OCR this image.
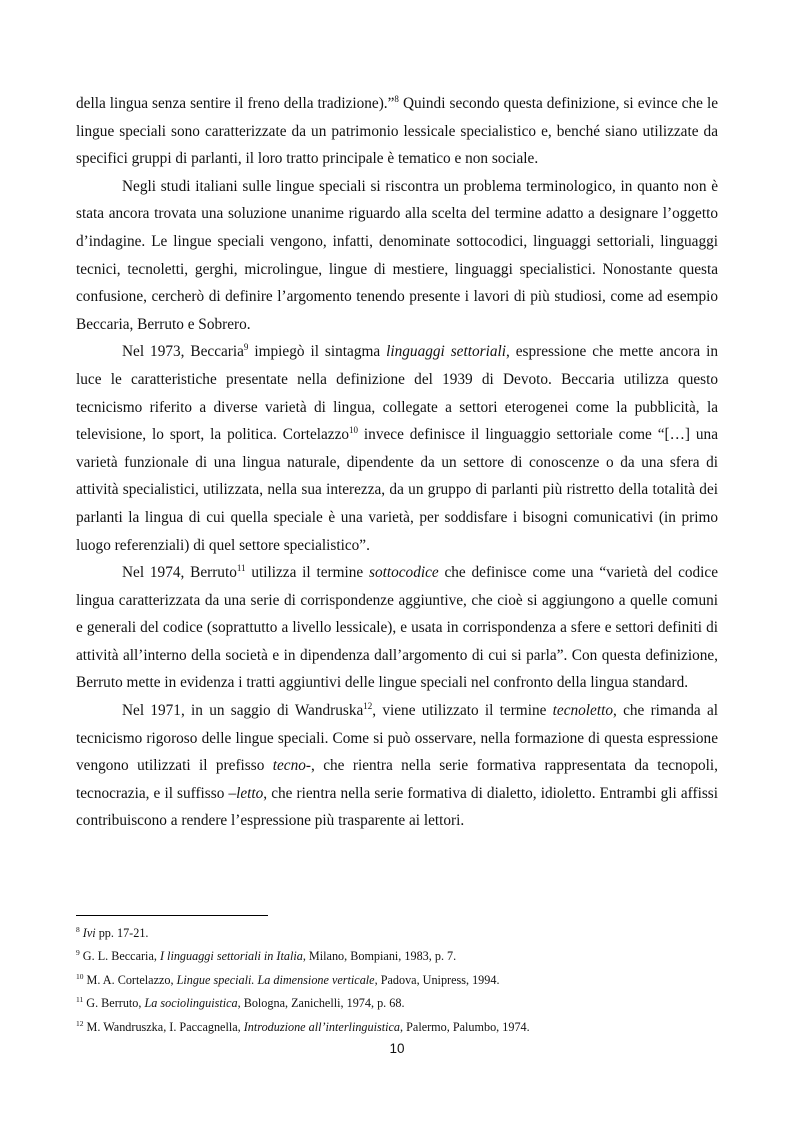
della lingua senza sentire il freno della tradizione).”$^8$ Quindi secondo questa definizione, si evince che le lingue speciali sono caratterizzate da un patrimonio lessicale specialistico e, benché siano utilizzate da specifici gruppi di parlanti, il loro tratto principale è tematico e non sociale.

Negli studi italiani sulle lingue speciali si riscontra un problema terminologico, in quanto non è stata ancora trovata una soluzione unanime riguardo alla scelta del termine adatto a designare l’oggetto d’indagine. Le lingue speciali vengono, infatti, denominate sottocodici, linguaggi settoriali, linguaggi tecnici, tecnoletti, gerghi, microlingue, lingue di mestiere, linguaggi specialistici. Nonostante questa confusione, cercherò di definire l’argomento tenendo presente i lavori di più studiosi, come ad esempio Beccaria, Berruto e Sobrero.

Nel 1973, Beccaria$^9$ impiegò il sintagma linguaggi settoriali, espressione che mette ancora in luce le caratteristiche presentate nella definizione del 1939 di Devoto. Beccaria utilizza questo tecnicismo riferito a diverse varietà di lingua, collegate a settori eterogenei come la pubblicità, la televisione, lo sport, la politica. Cortelazzo$^{10}$ invece definisce il linguaggio settoriale come “[…] una varietà funzionale di una lingua naturale, dipendente da un settore di conoscenze o da una sfera di attività specialistici, utilizzata, nella sua interezza, da un gruppo di parlanti più ristretto della totalità dei parlanti la lingua di cui quella speciale è una varietà, per soddisfare i bisogni comunicativi (in primo luogo referenziali) di quel settore specialistico”.

Nel 1974, Berruto$^{11}$ utilizza il termine sottocodice che definisce come una “varietà del codice lingua caratterizzata da una serie di corrispondenze aggiuntive, che cioè si aggiungono a quelle comuni e generali del codice (soprattutto a livello lessicale), e usata in corrispondenza a sfere e settori definiti di attività all’interno della società e in dipendenza dall’argomento di cui si parla”. Con questa definizione, Berruto mette in evidenza i tratti aggiuntivi delle lingue speciali nel confronto della lingua standard.

Nel 1971, in un saggio di Wandruska$^{12}$, viene utilizzato il termine tecnoletto, che rimanda al tecnicismo rigoroso delle lingue speciali. Come si può osservare, nella formazione di questa espressione vengono utilizzati il prefisso tecno-, che rientra nella serie formativa rappresentata da tecnopoli, tecnocrazia, e il suffisso –letto, che rientra nella serie formativa di dialetto, idioletto. Entrambi gli affissi contribuiscono a rendere l’espressione più trasparente ai lettori.

$^8$ Ivi pp. 17-21.

$^9$ G. L. Beccaria, I linguaggi settoriali in Italia, Milano, Bompiani, 1983, p. 7.

$^{10}$ M. A. Cortelazzo, Lingue speciali. La dimensione verticale, Padova, Unipress, 1994.

$^{11}$ G. Berruto, La sociolinguistica, Bologna, Zanichelli, 1974, p. 68.

$^{12}$ M. Wandruszka, I. Paccagnella, Introduzione all’interlinguistica, Palermo, Palumbo, 1974.

10
